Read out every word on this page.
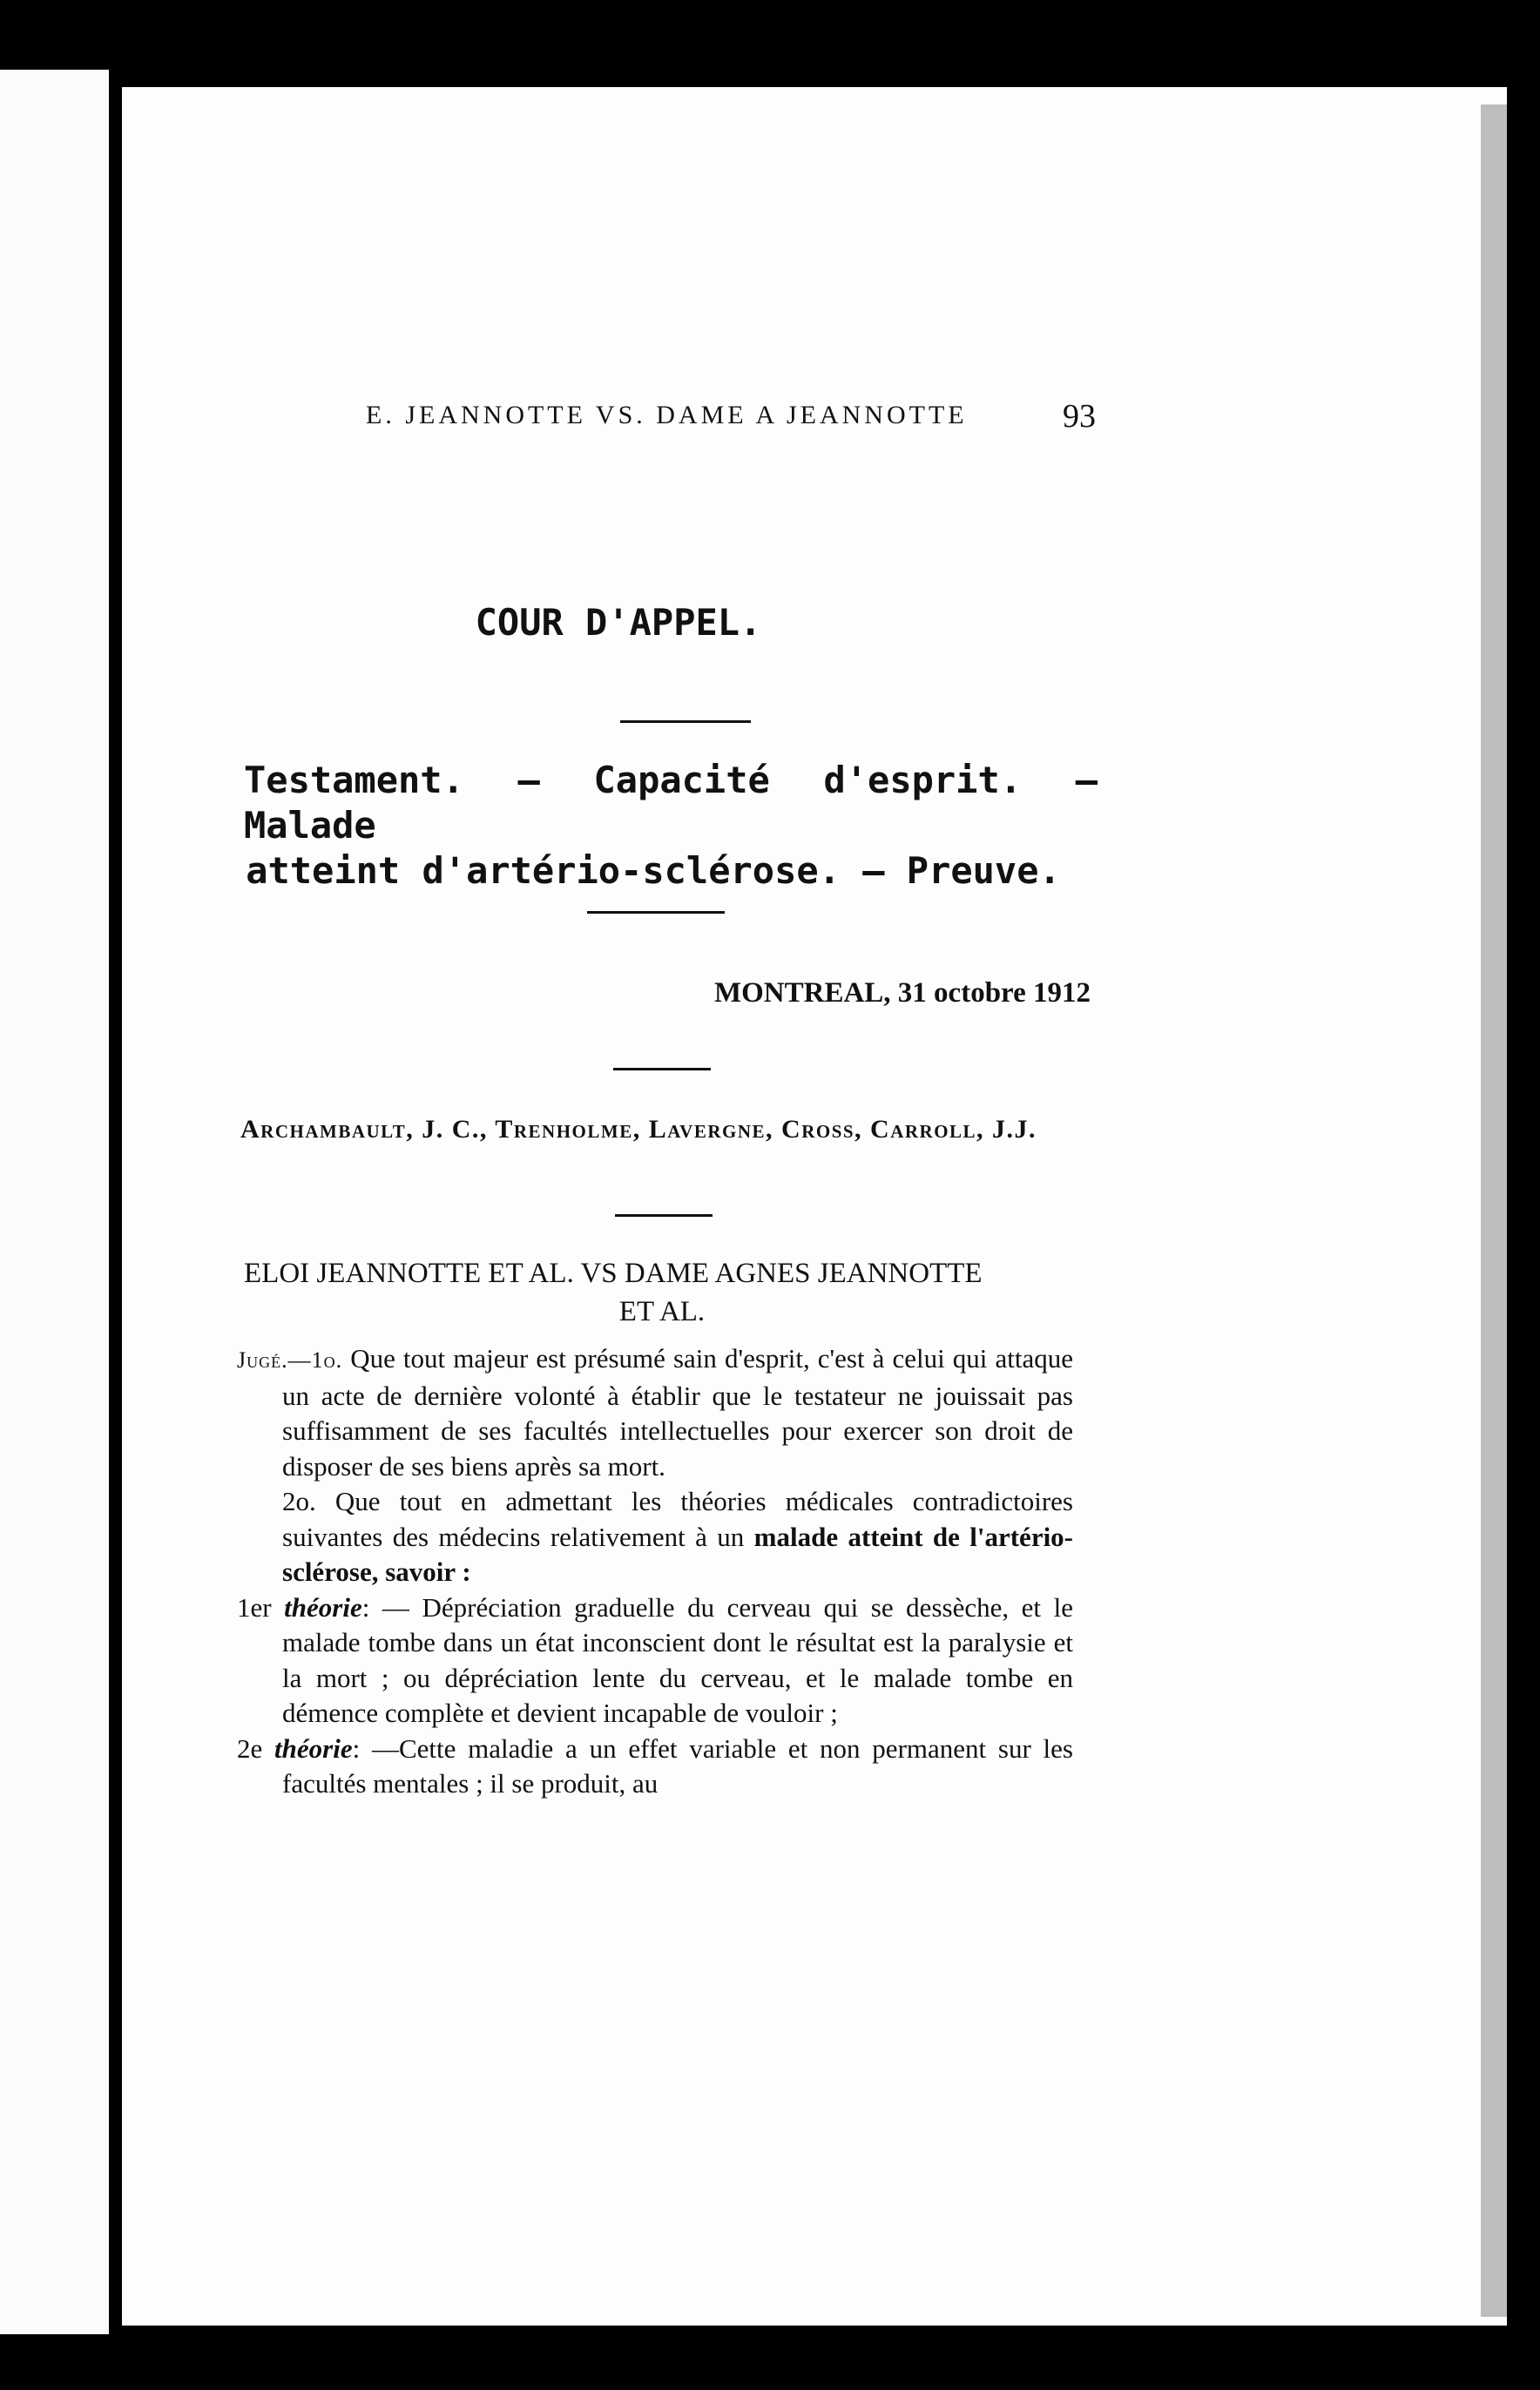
E. JEANNOTTE VS. DAME A JEANNOTTE	93
COUR D'APPEL.
Testament. — Capacité d'esprit. — Malade
atteint d'artério-sclérose. — Preuve.
MONTREAL, 31 octobre 1912
Archambault, J. C., Trenholme, Lavergne, Cross, Carroll, J.J.
ELOI JEANNOTTE ET AL. VS DAME AGNES JEANNOTTE
ET AL.

Jugé.—1o. Que tout majeur est présumé sain d'esprit, c'est à celui qui attaque un acte de dernière volonté à établir que le testateur ne jouissait pas suffisamment de ses facultés intellectuelles pour exercer son droit de disposer de ses biens après sa mort.

2o. Que tout en admettant les théories médicales contradictoires suivantes des médecins relativement à un malade atteint de l'artério-sclérose, savoir :

1er théorie: — Dépréciation graduelle du cerveau qui se dessèche, et le malade tombe dans un état inconscient dont le résultat est la paralysie et la mort ; ou dépréciation lente du cerveau, et le malade tombe en démence complète et devient incapable de vouloir ;

2e théorie: —Cette maladie a un effet variable et non permanent sur les facultés mentales ; il se produit, au
